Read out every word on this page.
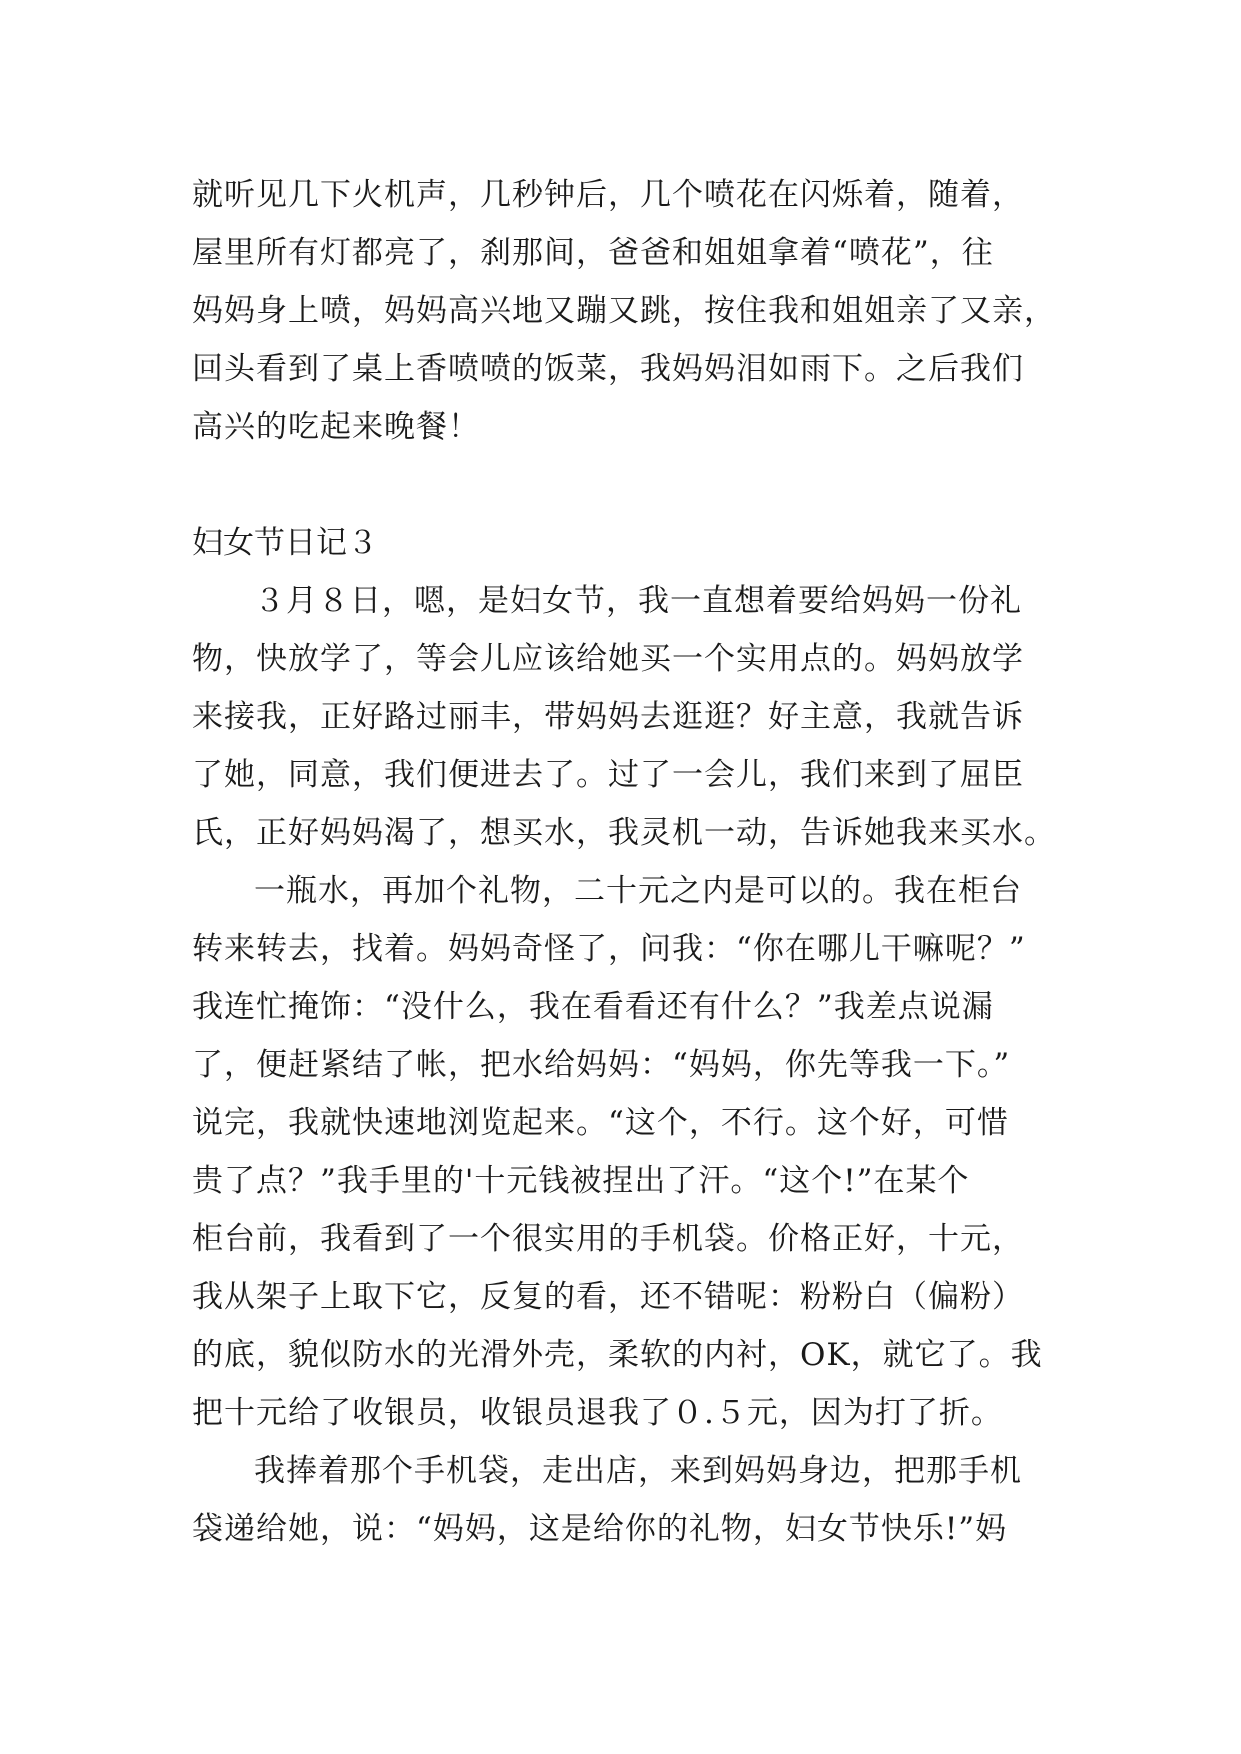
就听见几下火机声，几秒钟后，几个喷花在闪烁着，随着，
屋里所有灯都亮了，刹那间，爸爸和姐姐拿着“喷花”，往
妈妈身上喷，妈妈高兴地又蹦又跳，按住我和姐姐亲了又亲，
回头看到了桌上香喷喷的饭菜，我妈妈泪如雨下。之后我们
高兴的吃起来晚餐！
妇女节日记３
３月８日，嗯，是妇女节，我一直想着要给妈妈一份礼
物，快放学了，等会儿应该给她买一个实用点的。妈妈放学
来接我，正好路过丽丰，带妈妈去逛逛？好主意，我就告诉
了她，同意，我们便进去了。过了一会儿，我们来到了屈臣
氏，正好妈妈渴了，想买水，我灵机一动，告诉她我来买水。
一瓶水，再加个礼物，二十元之内是可以的。我在柜台
转来转去，找着。妈妈奇怪了，问我：“你在哪儿干嘛呢？”
我连忙掩饰：“没什么，我在看看还有什么？”我差点说漏
了，便赶紧结了帐，把水给妈妈：“妈妈，你先等我一下。”
说完，我就快速地浏览起来。“这个，不行。这个好，可惜
贵了点？”我手里的'十元钱被捏出了汗。“这个!”在某个
柜台前，我看到了一个很实用的手机袋。价格正好，十元，
我从架子上取下它，反复的看，还不错呢：粉粉白（偏粉）
的底，貌似防水的光滑外壳，柔软的内衬，OK，就它了。我
把十元给了收银员，收银员退我了０.５元，因为打了折。
我捧着那个手机袋，走出店，来到妈妈身边，把那手机
袋递给她，说：“妈妈，这是给你的礼物，妇女节快乐!”妈
